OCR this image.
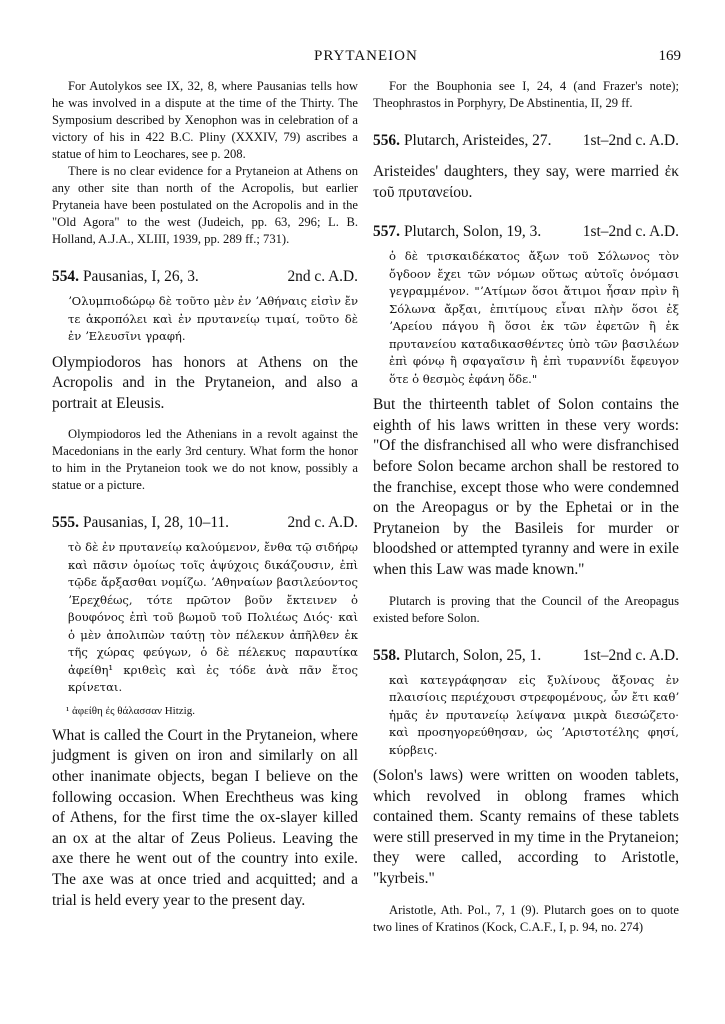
PRYTANEION	169

For Autolykos see IX, 32, 8, where Pausanias tells how he was involved in a dispute at the time of the Thirty. The Symposium described by Xenophon was in celebration of a victory of his in 422 B.C. Pliny (XXXIV, 79) ascribes a statue of him to Leochares, see p. 208.

There is no clear evidence for a Prytaneion at Athens on any other site than north of the Acropolis, but earlier Prytaneia have been postulated on the Acropolis and in the "Old Agora" to the west (Judeich, pp. 63, 296; L. B. Holland, A.J.A., XLIII, 1939, pp. 289 ff.; 731).

554. Pausanias, I, 26, 3.	2nd c. A.D.

ʼΟλυμπιοδώρῳ δὲ τοῦτο μὲν ἐν ʼΑθήναις εἰσὶν ἔν τε ἀκροπόλει καὶ ἐν πρυτανείῳ τιμαί, τοῦτο δὲ ἐν ʼΕλευσῖνι γραφή.

Olympiodoros has honors at Athens on the Acropolis and in the Prytaneion, and also a portrait at Eleusis.

Olympiodoros led the Athenians in a revolt against the Macedonians in the early 3rd century. What form the honor to him in the Prytaneion took we do not know, possibly a statue or a picture.

555. Pausanias, I, 28, 10–11.	2nd c. A.D.

τὸ δὲ ἐν πρυτανείῳ καλούμενον, ἔνθα τῷ σιδήρῳ καὶ πᾶσιν ὁμοίως τοῖς ἀψύχοις δικάζουσιν, ἐπὶ τῷδε ἄρξασθαι νομίζω. ʼΑθηναίων βασιλεύοντος ʼΕρεχθέως, τότε πρῶτον βοῦν ἔκτεινεν ὁ βουφόνος ἐπὶ τοῦ βωμοῦ τοῦ Πολιέως Διός· καὶ ὁ μὲν ἀπολιπὼν ταύτῃ τὸν πέλεκυν ἀπῆλθεν ἐκ τῆς χώρας φεύγων, ὁ δὲ πέλεκυς παραυτίκα ἀφείθη¹ κριθεὶς καὶ ἐς τόδε ἀνὰ πᾶν ἔτος κρίνεται.

¹ ἀφείθη ἐς θάλασσαν Hitzig.

What is called the Court in the Prytaneion, where judgment is given on iron and similarly on all other inanimate objects, began I believe on the following occasion. When Erechtheus was king of Athens, for the first time the ox-slayer killed an ox at the altar of Zeus Polieus. Leaving the axe there he went out of the country into exile. The axe was at once tried and acquitted; and a trial is held every year to the present day.

For the Bouphonia see I, 24, 4 (and Frazer's note); Theophrastos in Porphyry, De Abstinentia, II, 29 ff.

556. Plutarch, Aristeides, 27.	1st–2nd c. A.D.

Aristeides' daughters, they say, were married ἐκ τοῦ πρυτανείου.

557. Plutarch, Solon, 19, 3.	1st–2nd c. A.D.

ὁ δὲ τρισκαιδέκατος ἄξων τοῦ Σόλωνος τὸν ὄγδοον ἔχει τῶν νόμων οὕτως αὐτοῖς ὀνόμασι γεγραμμένον. "ʼΑτίμων ὅσοι ἄτιμοι ἦσαν πρὶν ἢ Σόλωνα ἄρξαι, ἐπιτίμους εἶναι πλὴν ὅσοι ἐξ ʼΑρείου πάγου ἢ ὅσοι ἐκ τῶν ἐφετῶν ἢ ἐκ πρυτανείου καταδικασθέντες ὑπὸ τῶν βασιλέων ἐπὶ φόνῳ ἢ σφαγαῖσιν ἢ ἐπὶ τυραννίδι ἔφευγον ὅτε ὁ θεσμὸς ἐφάνη ὅδε."

But the thirteenth tablet of Solon contains the eighth of his laws written in these very words: "Of the disfranchised all who were disfranchised before Solon became archon shall be restored to the franchise, except those who were condemned on the Areopagus or by the Ephetai or in the Prytaneion by the Basileis for murder or bloodshed or attempted tyranny and were in exile when this Law was made known."

Plutarch is proving that the Council of the Areopagus existed before Solon.

558. Plutarch, Solon, 25, 1.	1st–2nd c. A.D.

καὶ κατεγράφησαν εἰς ξυλίνους ἄξονας ἐν πλαισίοις περιέχουσι στρεφομένους, ὧν ἔτι καθʼ ἡμᾶς ἐν πρυτανείῳ λείψανα μικρὰ διεσώζετο· καὶ προσηγορεύθησαν, ὡς ʼΑριστοτέλης φησί, κύρβεις.

(Solon's laws) were written on wooden tablets, which revolved in oblong frames which contained them. Scanty remains of these tablets were still preserved in my time in the Prytaneion; they were called, according to Aristotle, "kyrbeis."

Aristotle, Ath. Pol., 7, 1 (9). Plutarch goes on to quote two lines of Kratinos (Kock, C.A.F., I, p. 94, no. 274)
